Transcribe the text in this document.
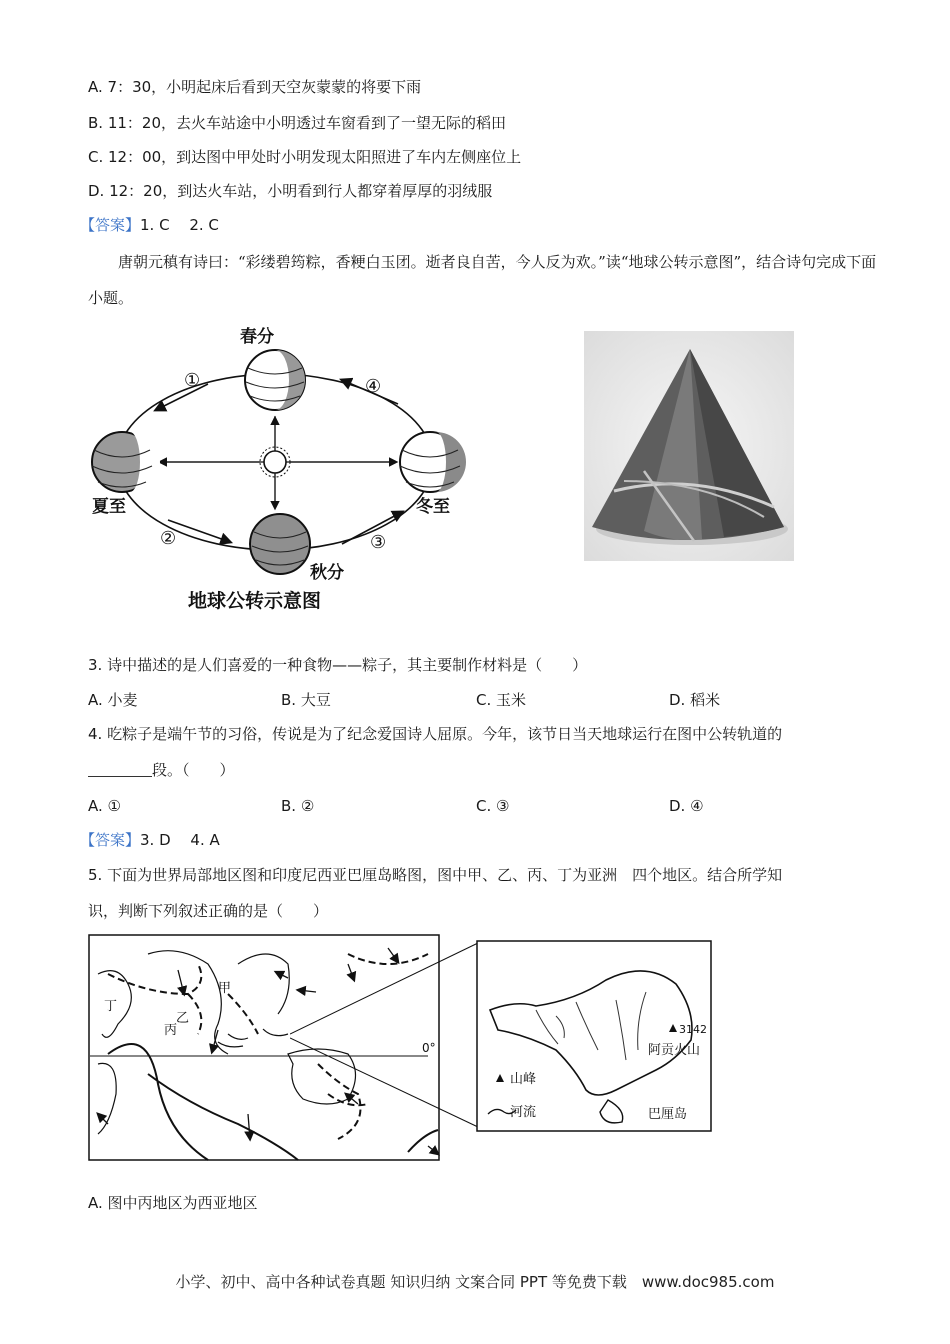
A. 7：30，小明起床后看到天空灰蒙蒙的将要下雨
B. 11：20，去火车站途中小明透过车窗看到了一望无际的稻田
C. 12：00，到达图中甲处时小明发现太阳照进了车内左侧座位上
D. 12：20，到达火车站，小明看到行人都穿着厚厚的羽绒服
【答案】1. C　 2. C
唐朝元稹有诗曰：“彩缕碧筠粽，香粳白玉团。逝者良自苦，今人反为欢。”读“地球公转示意图”，结合诗句完成下面小题。
春分
夏至	冬至
秋分
①
②	③
④
地球公转示意图
3. 诗中描述的是人们喜爱的一种食物——粽子，其主要制作材料是（　　）
A. 小麦	B. 大豆	C. 玉米	D. 稻米
4. 吃粽子是端午节的习俗，传说是为了纪念爱国诗人屈原。今年，该节日当天地球运行在图中公转轨道的
段。（　　）
A. ①	B. ②	C. ③	D. ④
【答案】3. D　 4. A
5. 下面为世界局部地区图和印度尼西亚巴厘岛略图，图中甲、乙、丙、丁为亚洲　四个地区。结合所学知
识，判断下列叙述正确的是（　　）
0°
甲
乙
丙
丁
3142
阿贡火山
山峰
河流	巴厘岛
A. 图中丙地区为西亚地区
小学、初中、高中各种试卷真题 知识归纳 文案合同 PPT 等免费下载　www.doc985.com
